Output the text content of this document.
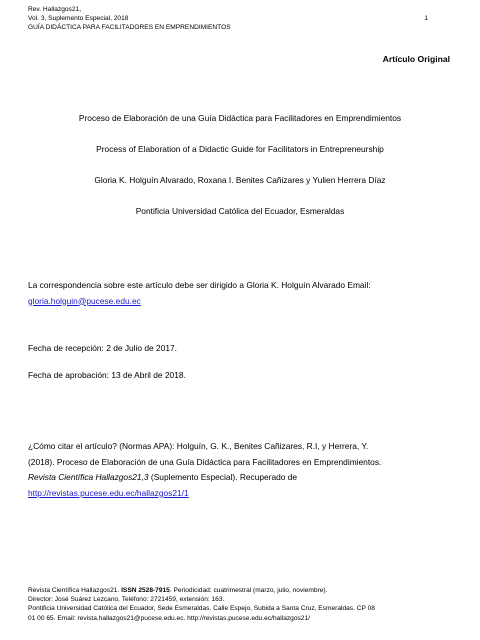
Rev. Hallazgos21,
Vol. 3, Suplemento Especial, 2018
GUÍA DIDÁCTICA PARA FACILITADORES EN EMPRENDIMIENTOS
1
Artículo Original
Proceso de Elaboración de una Guía Didáctica para Facilitadores en Emprendimientos
Process of Elaboration of a Didactic Guide for Facilitators in Entrepreneurship
Gloria K. Holguín Alvarado, Roxana I. Benites Cañizares y Yulien Herrera Díaz
Pontificia Universidad Católica del Ecuador, Esmeraldas
La correspondencia sobre este artículo debe ser dirigido a Gloria K. Holguín Alvarado Email:
gloria.holguin@pucese.edu.ec
Fecha de recepción: 2 de Julio de 2017.
Fecha de aprobación: 13 de Abril de 2018.
¿Cómo citar el artículo? (Normas APA): Holguín, G. K., Benites Cañizares, R.I, y Herrera, Y.
(2018). Proceso de Elaboración de una Guía Didáctica para Facilitadores en Emprendimientos.
Revista Científica Hallazgos21,3 (Suplemento Especial). Recuperado de
http://revistas.pucese.edu.ec/hallazgos21/1
Revista Científica Hallazgos21. ISSN 2528-7915. Periodicidad: cuatrimestral (marzo, julio, noviembre).
Director: José Suárez Lezcano. Teléfono: 2721459, extensión: 163.
Pontificia Universidad Católica del Ecuador, Sede Esmeraldas. Calle Espejo, Subida a Santa Cruz, Esmeraldas. CP 08
01 00 65. Email: revista.hallazgos21@pucese.edu.ec. http://revistas.pucese.edu.ec/hallazgos21/
